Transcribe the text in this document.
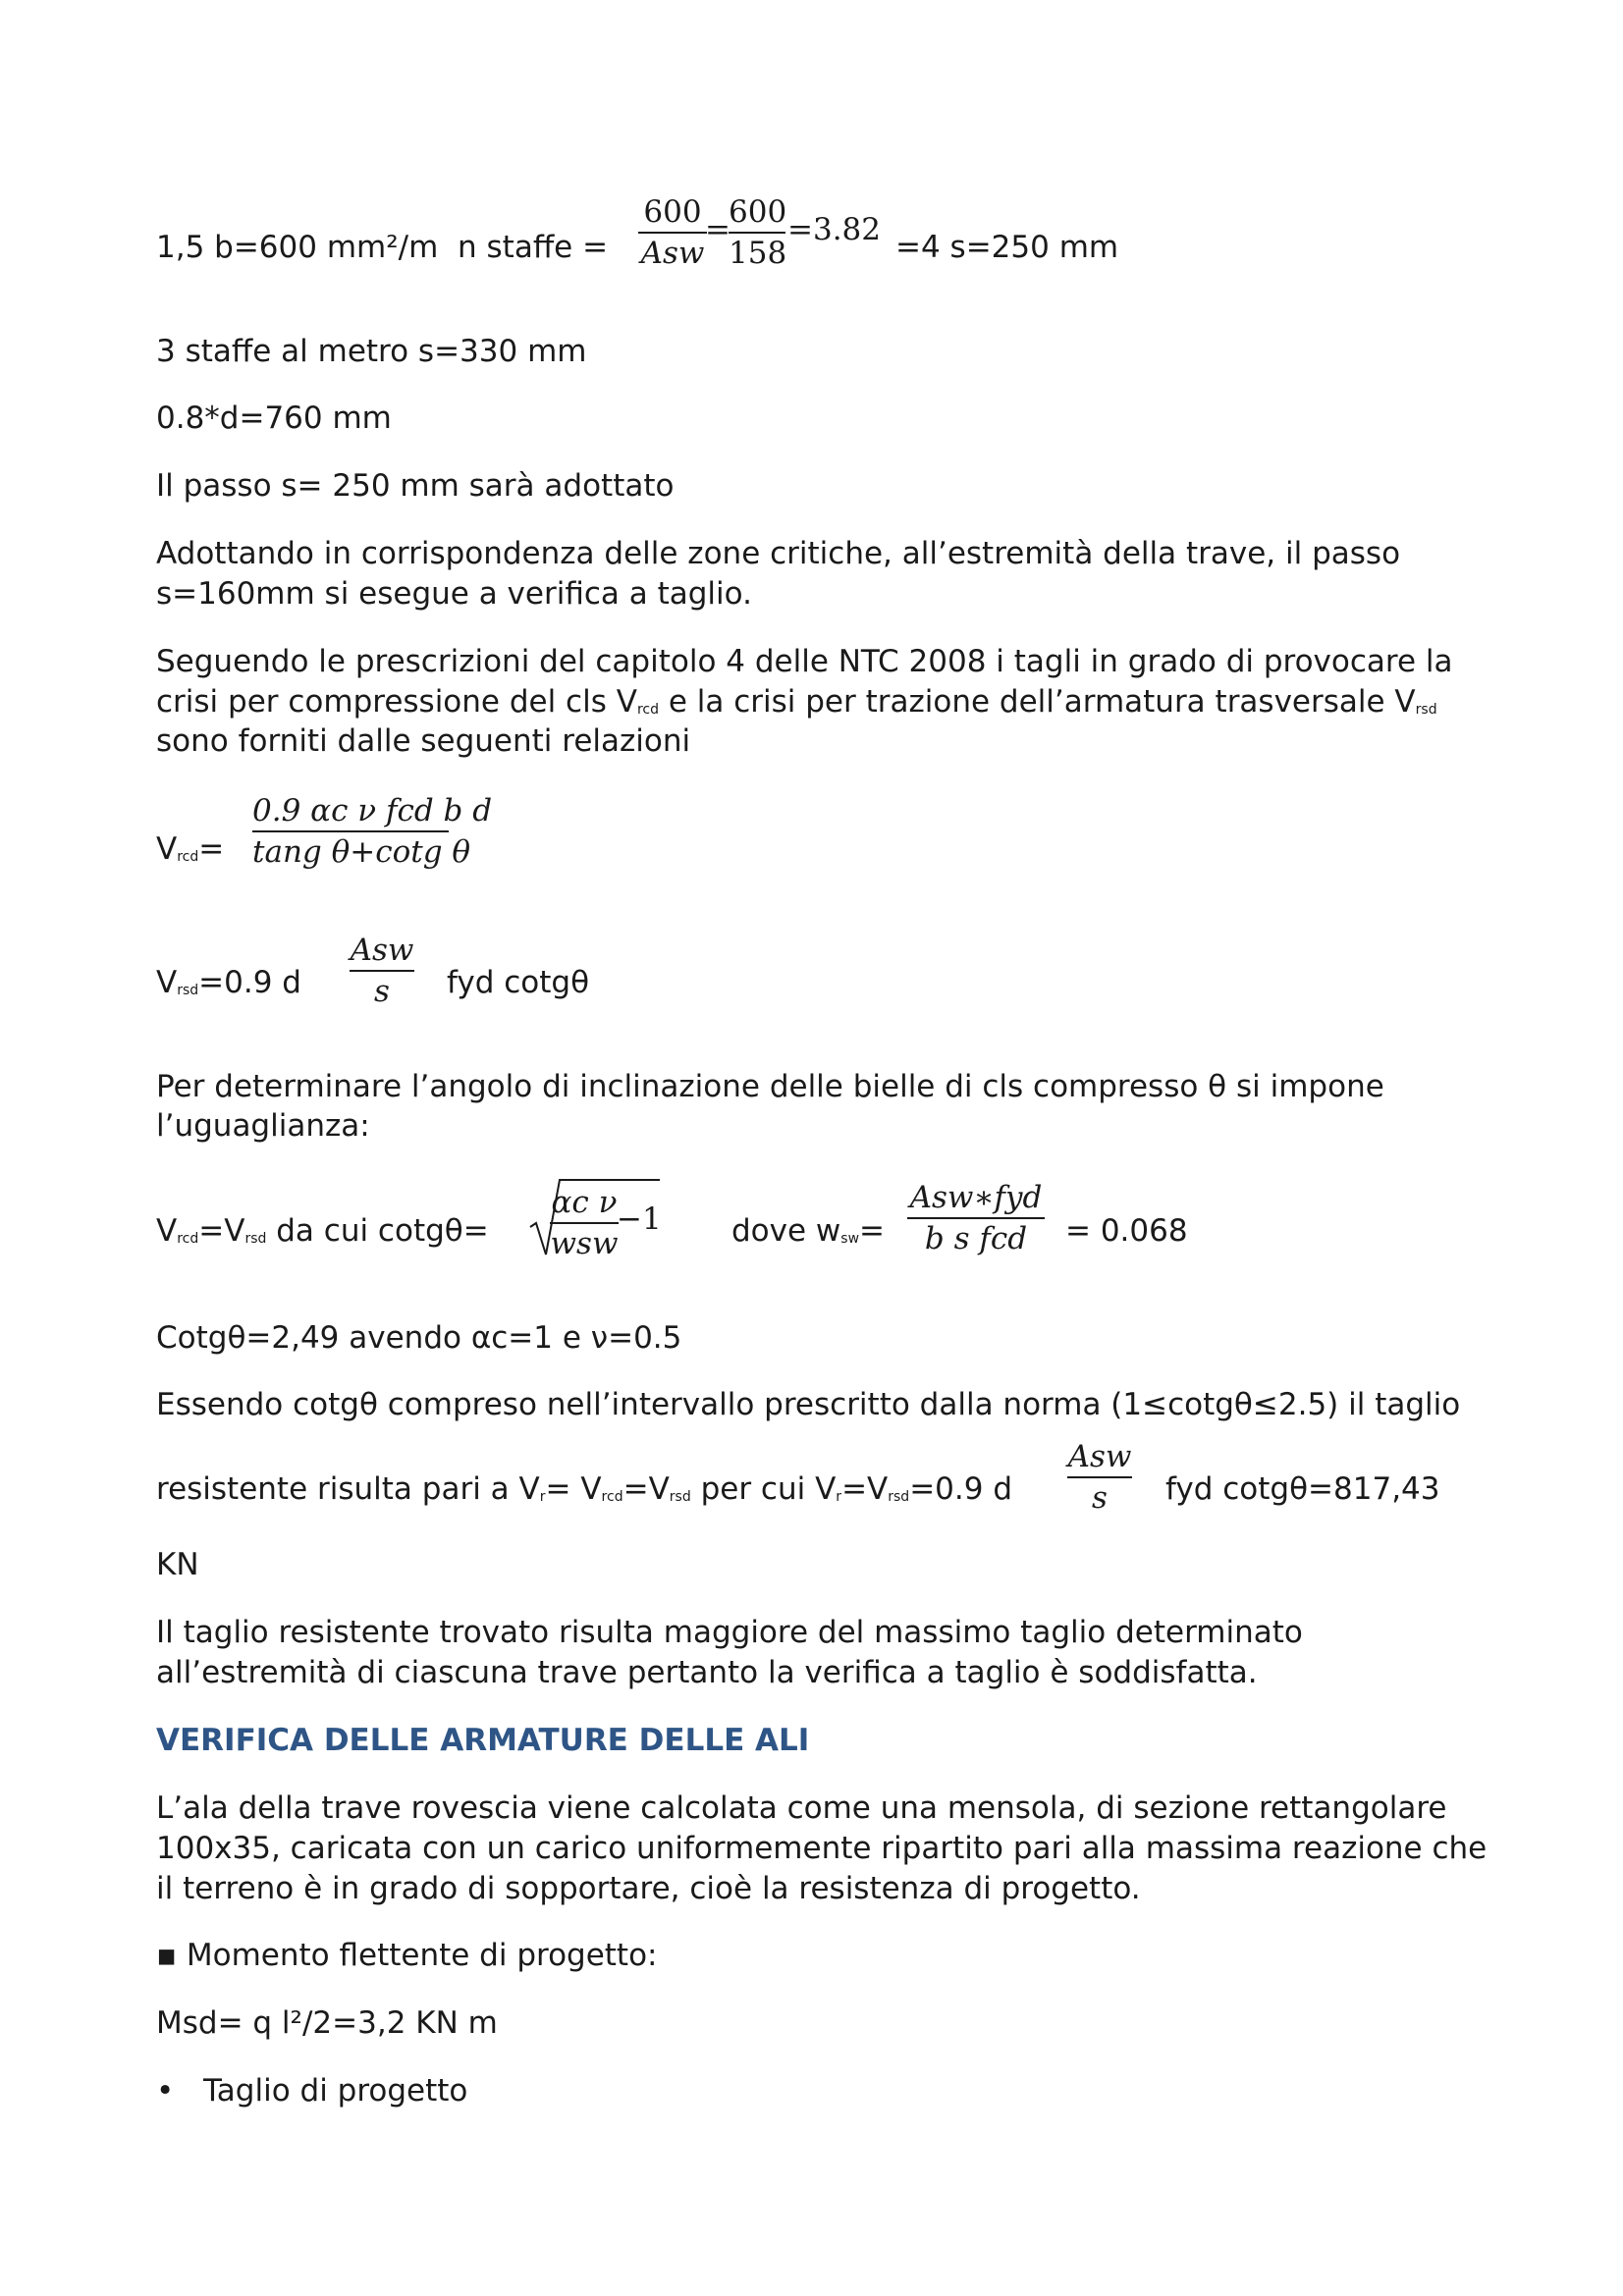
1,5 b=600 mm²/m n staffe =
600
Asw
=
600
158
=3.82 =4 s=250 mm
3 staffe al metro s=330 mm
0.8*d=760 mm
Il passo s= 250 mm sarà adottato
Adottando in corrispondenza delle zone critiche, all’estremità della trave, il passo
s=160mm si esegue a verifica a taglio.
Seguendo le prescrizioni del capitolo 4 delle NTC 2008 i tagli in grado di provocare la
crisi per compressione del cls $V_{rcd}$ e la crisi per trazione dell’armatura trasversale $V_{rsd}$
sono forniti dalle seguenti relazioni
$V_{rcd}=$
0.9 αc ν fcd b d
tang θ+cotg θ
$V_{rsd}=0.9$ d
Asw
s	fyd cotgθ
Per determinare l’angolo di inclinazione delle bielle di cls compresso θ si impone
l’uguaglianza:
$V_{rcd}=V_{rsd}$ da cui cotgθ=
αc ν
wsw
−1 dove $w_{sw}=$
Asw∗fyd
b s fcd	= 0.068
Cotgθ=2,49 avendo αc=1 e ν=0.5
Essendo cotgθ compreso nell’intervallo prescritto dalla norma (1≤cotgθ≤2.5) il taglio
resistente risulta pari a $V_r= V_{rcd}=V_{rsd}$ per cui $V_r=V_{rsd}=0.9$ d
Asw
s	fyd cotgθ=817,43
KN
Il taglio resistente trovato risulta maggiore del massimo taglio determinato
all’estremità di ciascuna trave pertanto la verifica a taglio è soddisfatta.
VERIFICA DELLE ARMATURE DELLE ALI
L’ala della trave rovescia viene calcolata come una mensola, di sezione rettangolare
100x35, caricata con un carico uniformemente ripartito pari alla massima reazione che
il terreno è in grado di sopportare, cioè la resistenza di progetto.
▪ Momento flettente di progetto:
Msd= q l²/2=3,2 KN m
• Taglio di progetto
